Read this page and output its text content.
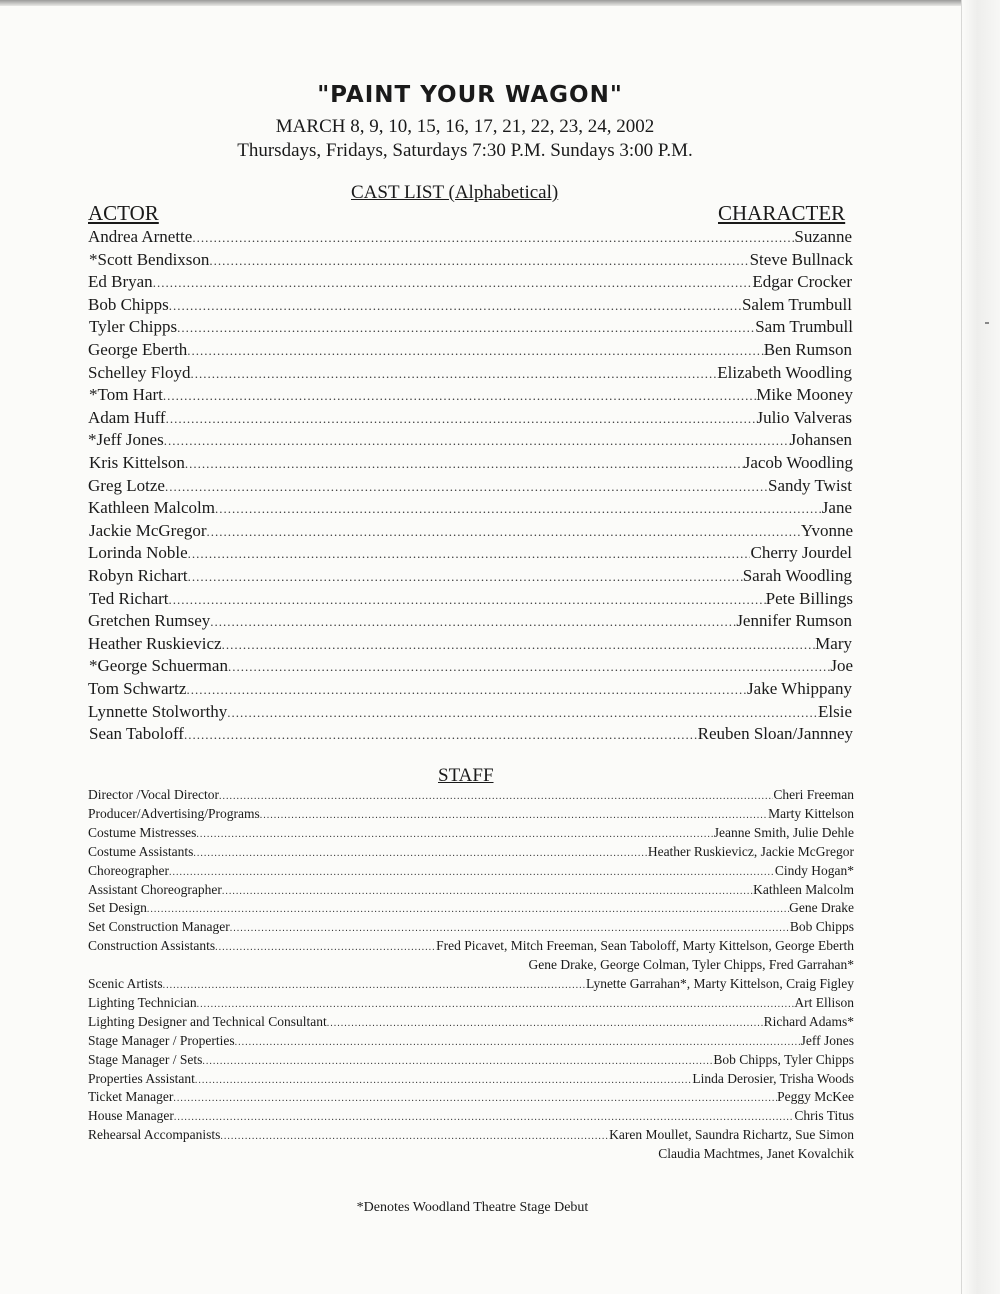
"PAINT YOUR WAGON"
MARCH 8, 9, 10, 15, 16, 17, 21, 22, 23, 24, 2002
Thursdays, Fridays, Saturdays 7:30 P.M. Sundays 3:00 P.M.
CAST LIST (Alphabetical)
ACTOR	CHARACTER
Andrea Arnette .....	Suzanne
*Scott Bendixson .....	Steve Bullnack
Ed Bryan .....	Edgar Crocker
Bob Chipps .....	Salem Trumbull
Tyler Chipps .....	Sam Trumbull
George Eberth .....	Ben Rumson
Schelley Floyd .....	Elizabeth Woodling
*Tom Hart .....	Mike Mooney
Adam Huff .....	Julio Valveras
*Jeff Jones .....	Johansen
Kris Kittelson .....	Jacob Woodling
Greg Lotze .....	Sandy Twist
Kathleen Malcolm .....	Jane
Jackie McGregor .....	Yvonne
Lorinda Noble .....	Cherry Jourdel
Robyn Richart .....	Sarah Woodling
Ted Richart .....	Pete Billings
Gretchen Rumsey .....	Jennifer Rumson
Heather Ruskievicz .....	Mary
*George Schuerman .....	Joe
Tom Schwartz .....	Jake Whippany
Lynnette Stolworthy .....	Elsie
Sean Taboloff .....	Reuben Sloan/Jannney
STAFF
Director /Vocal Director .....	Cheri Freeman
Producer/Advertising/Programs .....	Marty Kittelson
Costume Mistresses .....	Jeanne Smith, Julie Dehle
Costume Assistants .....	Heather Ruskievicz, Jackie McGregor
Choreographer .....	Cindy Hogan*
Assistant Choreographer .....	Kathleen Malcolm
Set Design .....	Gene Drake
Set Construction Manager .....	Bob Chipps
Construction Assistants .....	Fred Picavet, Mitch Freeman, Sean Taboloff, Marty Kittelson, George Eberth
Gene Drake, George Colman, Tyler Chipps, Fred Garrahan*
Scenic Artists .....	Lynette Garrahan*, Marty Kittelson, Craig Figley
Lighting Technician .....	Art Ellison
Lighting Designer and Technical Consultant .....	Richard Adams*
Stage Manager / Properties .....	Jeff Jones
Stage Manager / Sets .....	Bob Chipps, Tyler Chipps
Properties Assistant .....	Linda Derosier, Trisha Woods
Ticket Manager .....	Peggy McKee
House Manager .....	Chris Titus
Rehearsal Accompanists .....	Karen Moullet, Saundra Richartz, Sue Simon
Claudia Machtmes, Janet Kovalchik
*Denotes Woodland Theatre Stage Debut
